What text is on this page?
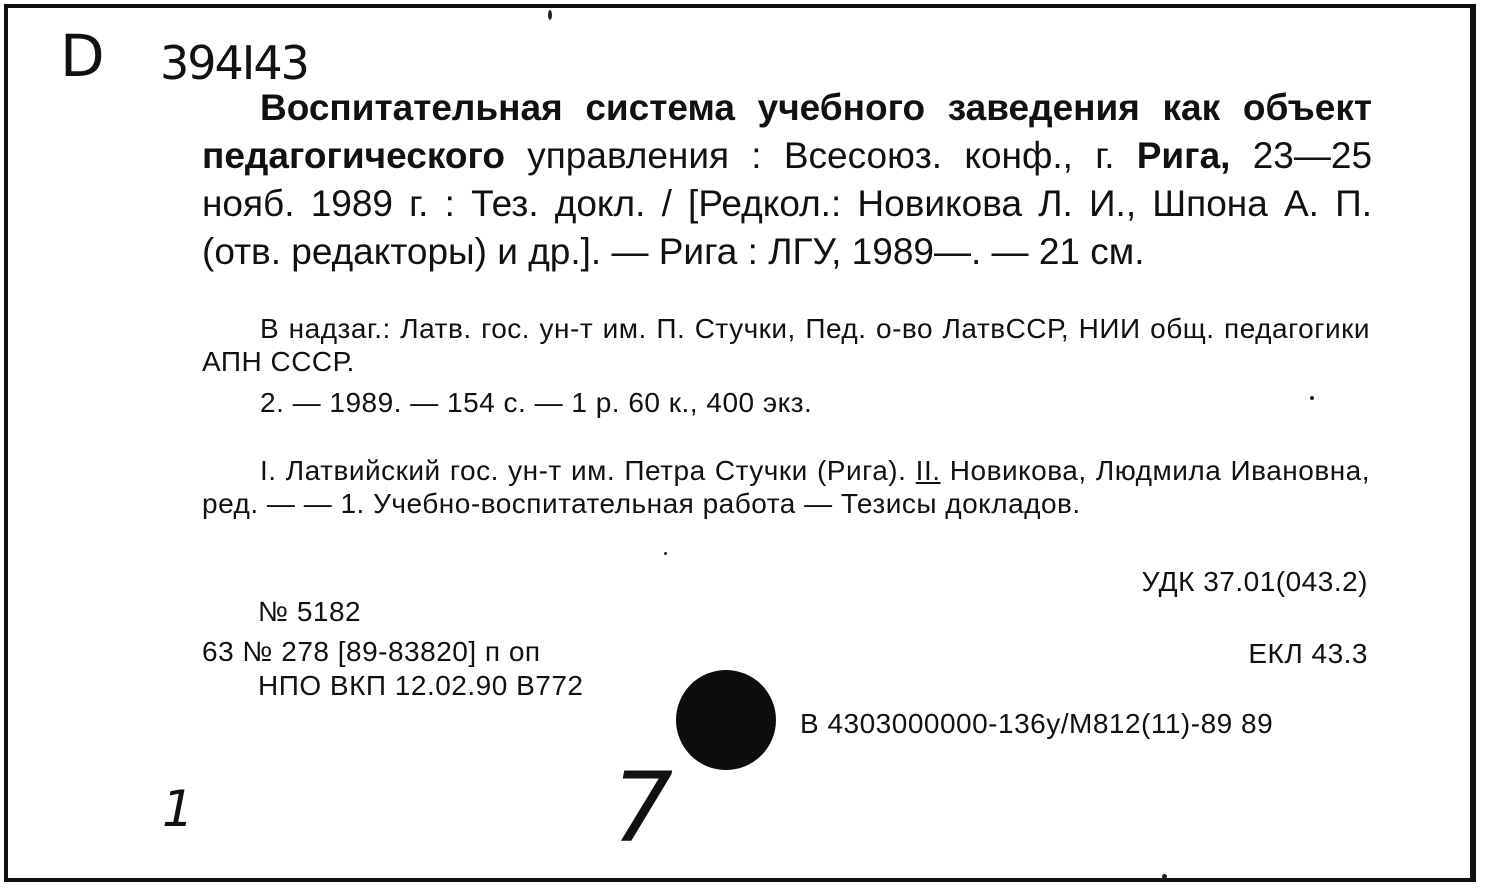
D 394I43

Воспитательная система учебного заведения как объект педагогического управления : Всесоюз. конф., г. Рига, 23—25 нояб. 1989 г. : Тез. докл. / [Редкол.: Новикова Л. И., Шпона А. П. (отв. редакторы) и др.]. — Рига : ЛГУ, 1989—. — 21 см.

В надзаг.: Латв. гос. ун-т им. П. Стучки, Пед. о-во ЛатвССР, НИИ общ. педагогики АПН СССР.

2. — 1989. — 154 с. — 1 р. 60 к., 400 экз.

I. Латвийский гос. ун-т им. Петра Стучки (Рига). II. Новикова, Людмила Ивановна, ред. — — 1. Учебно-воспитательная работа — Тезисы докладов.

УДК 37.01(043.2)
№ 5182
63 № 278 [89-83820] п оп	ЕКЛ 43.3
НПО ВКП 12.02.90 В772
В 4303000000-136у/М812(11)-89 89
1	7
